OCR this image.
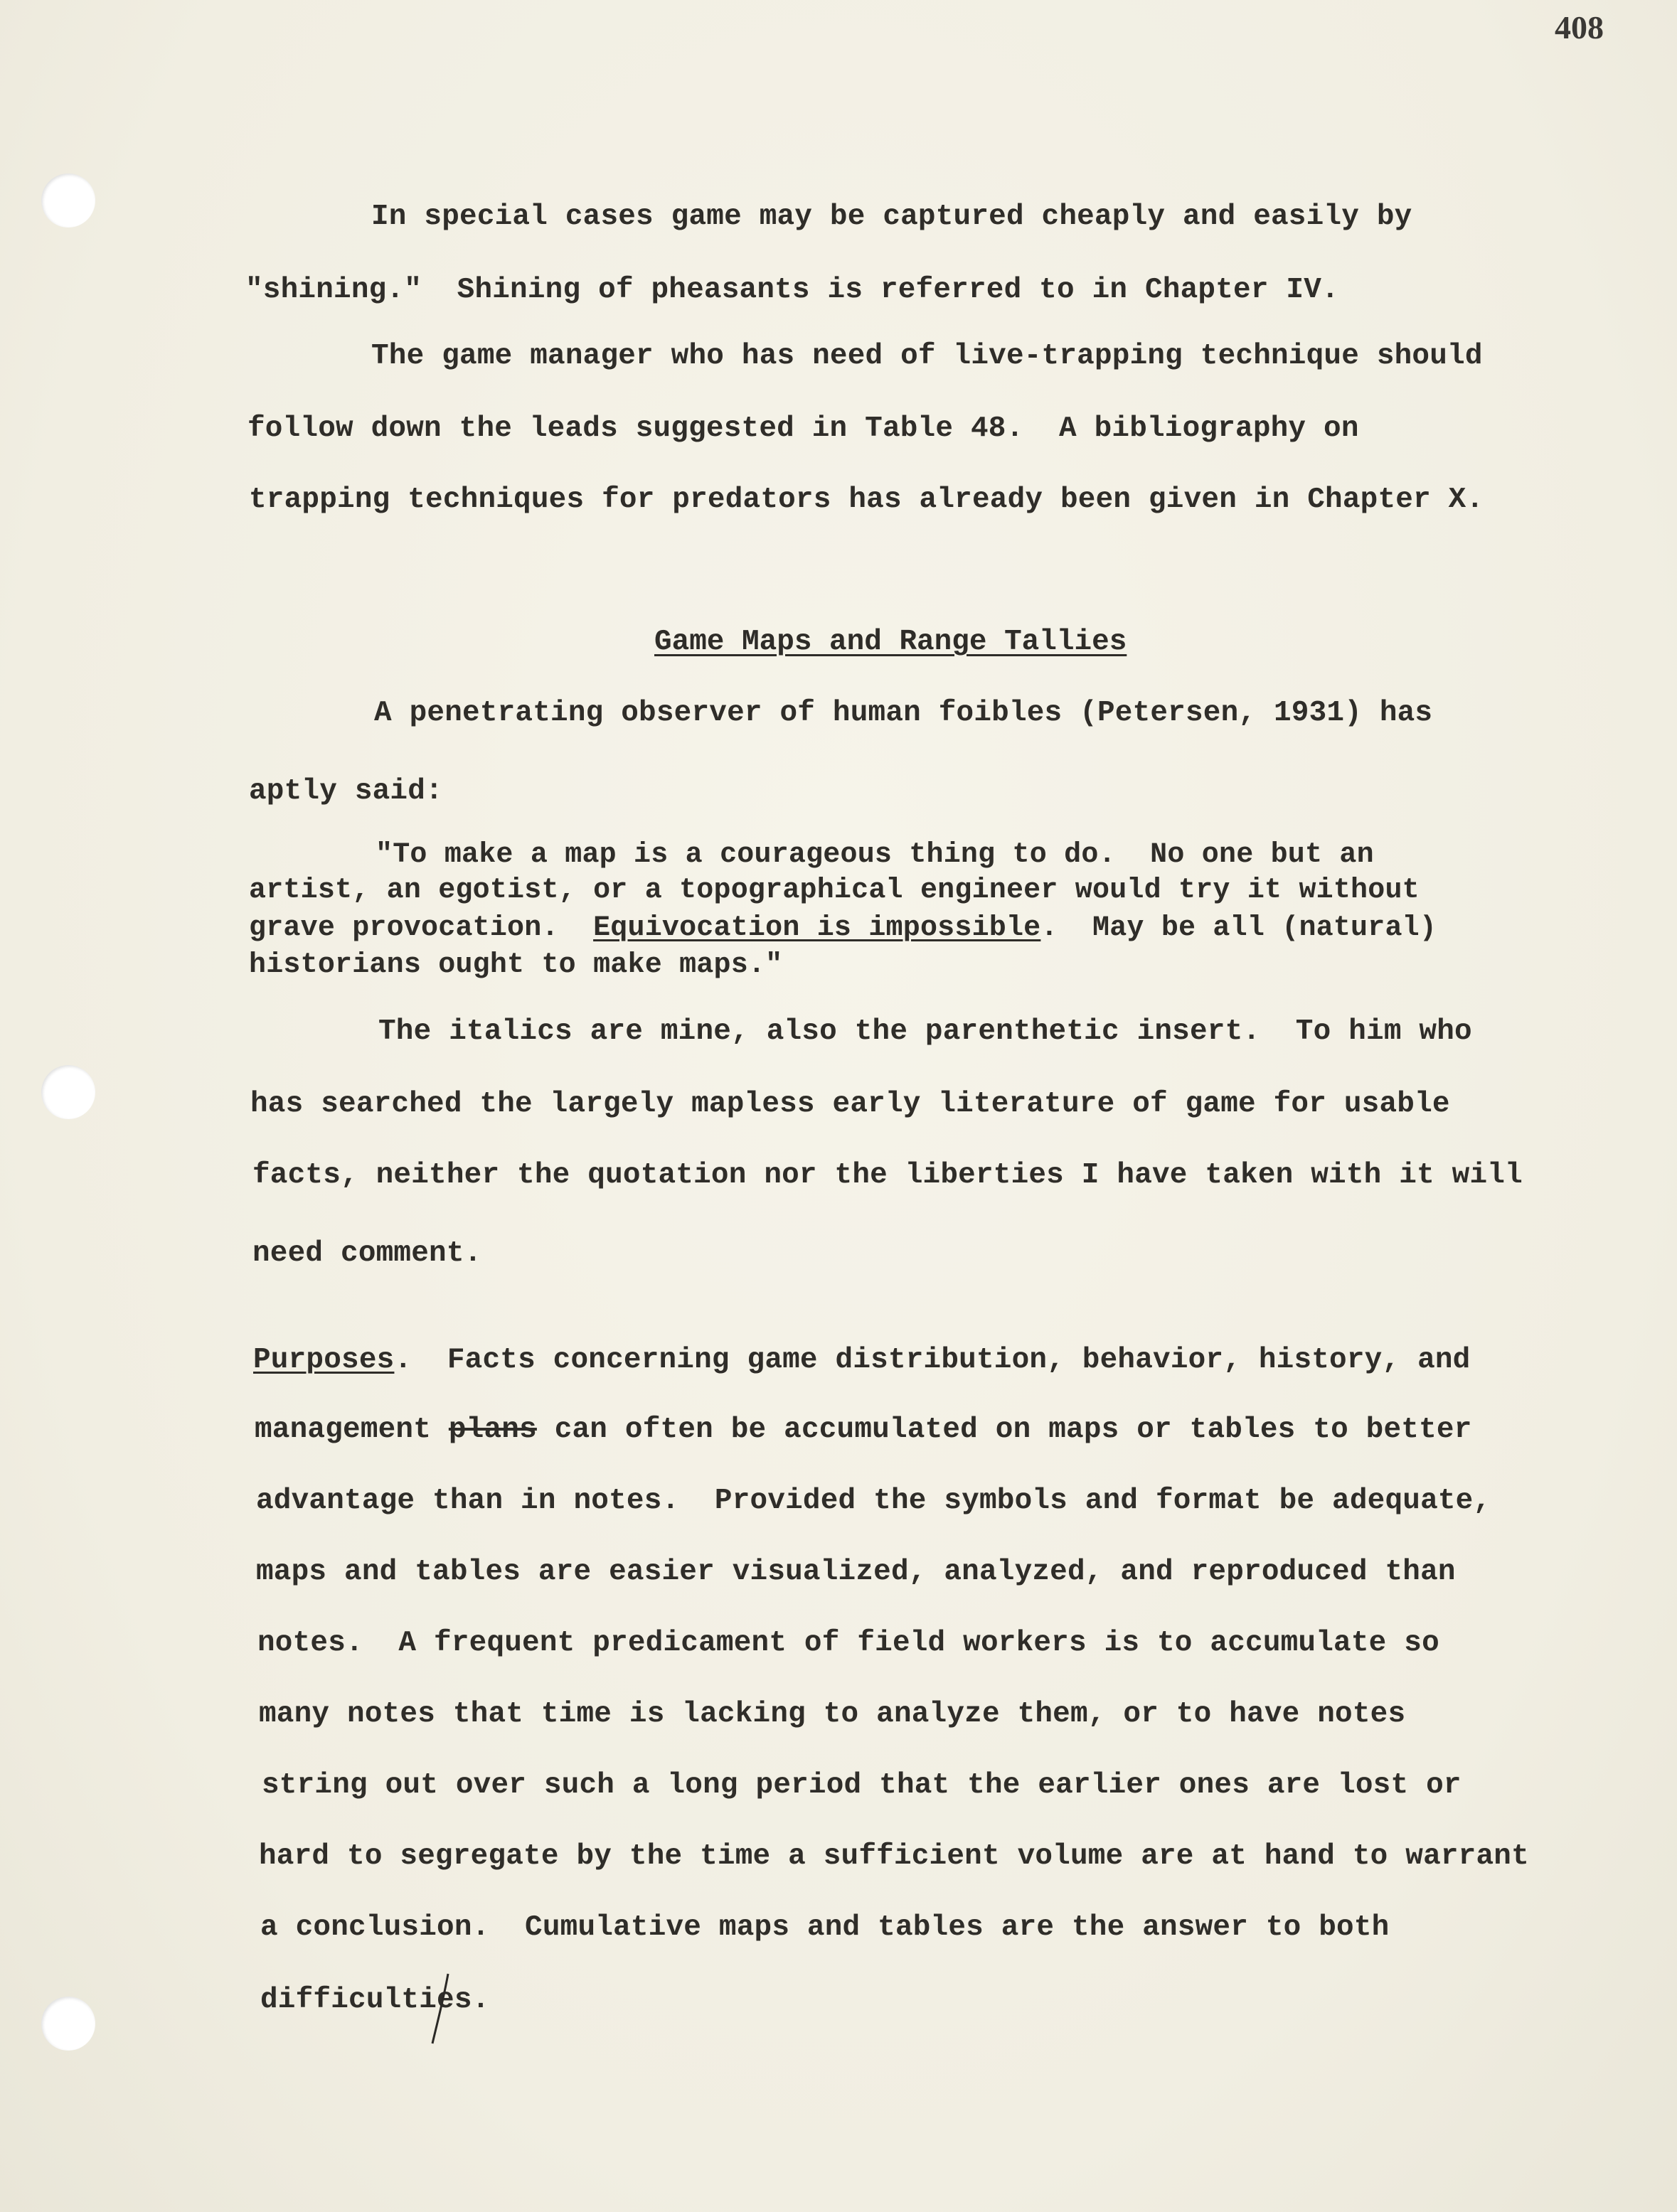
408
In special cases game may be captured cheaply and easily by
"shining."  Shining of pheasants is referred to in Chapter IV.
The game manager who has need of live-trapping technique should
follow down the leads suggested in Table 48.  A bibliography on
trapping techniques for predators has already been given in Chapter X.
Game Maps and Range Tallies
A penetrating observer of human foibles (Petersen, 1931) has
aptly said:
"To make a map is a courageous thing to do.  No one but an
artist, an egotist, or a topographical engineer would try it without
grave provocation.  Equivocation is impossible.  May be all (natural)
historians ought to make maps."
The italics are mine, also the parenthetic insert.  To him who
has searched the largely mapless early literature of game for usable
facts, neither the quotation nor the liberties I have taken with it will
need comment.
Purposes.  Facts concerning game distribution, behavior, history, and
management plans can often be accumulated on maps or tables to better
advantage than in notes.  Provided the symbols and format be adequate,
maps and tables are easier visualized, analyzed, and reproduced than
notes.  A frequent predicament of field workers is to accumulate so
many notes that time is lacking to analyze them, or to have notes
string out over such a long period that the earlier ones are lost or
hard to segregate by the time a sufficient volume are at hand to warrant
a conclusion.  Cumulative maps and tables are the answer to both
difficulties.
